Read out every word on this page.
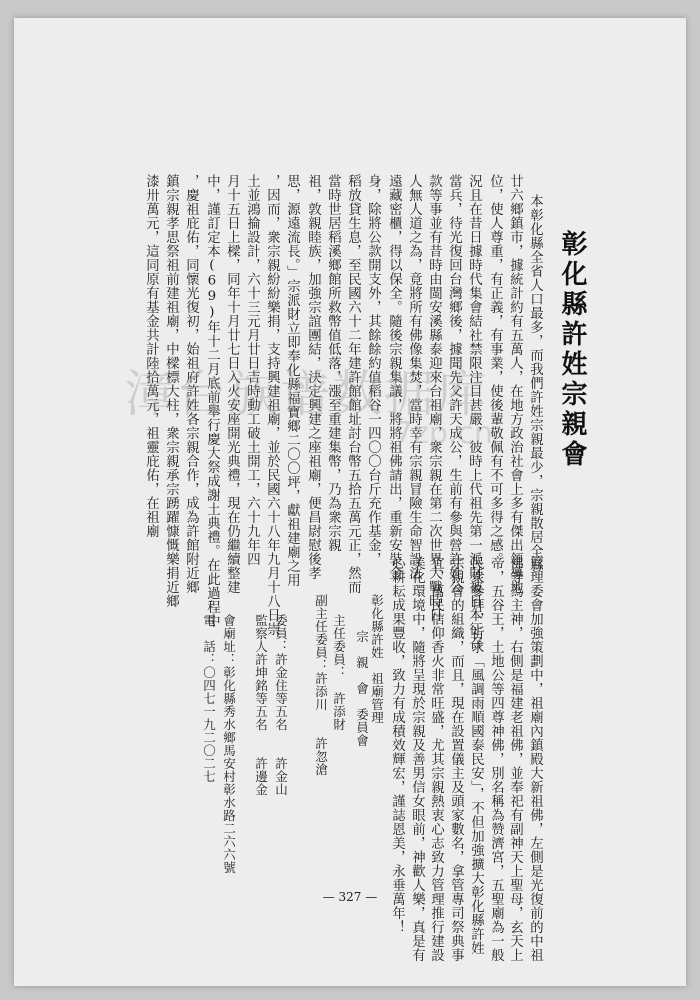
彰化縣許姓宗親會
本彰化縣全省人口最多，而我們許姓宗親最少，宗親散居全縣
廿六鄉鎮市，據統計約有五萬人，在地方政治社會上多有傑出領導地
位，使人尊重，有正義，有事業，使後輩敬佩有不可多得之感。
況且在昔日據時代集會結社禁限注目甚嚴，彼時上代祖先第一派財被日本征召
當兵，待光復回台灣鄉後，據聞先父許天成公，生前有參與營許姓公
款等事並有昔時由閩安溪縣泰迎來台祖廟，衆宗親在第二次世界大戰時日
人無人道之為，竟將所有佛像集焚，當時幸有宗親冒險生命智設法
遠藏密櫃，得以保全。隨後宗親集議，將將祖佛請出，重新安裝金
身，除將公款開支外，其餘餘約值稻谷一四〇〇台斤充作基金，
稻放貸生息，至民國六十二年建許館館址討台幣五拾五萬元正，然而
當時世居稻溪鄉館所救幣值低落，漲至重建集幣，乃為衆宗親
祖，敦親睦族，加強宗誼團結，決定興建之座祖廟，便昌尉慰後孝
思，源遠流長。」宗派財立即奉化縣福寶鄉二〇〇坪，獻祖建廟之用
，因而，衆宗親紛紛樂捐，支持興建祖廟，並於民國六十八年九月十八日崇
土並鴻掄設計，六十三元月廿日吉時動工破土開工，六十九年四
月十五日上樑，同年十月廿七日入火安座開光典禮，現在仍繼續整建
中，謹訂定本(69)年十二月底前舉行慶大祭成謝土典禮。在此過程中
，慶祖庇佑，同懷光復初，始祖府許姓各宗親合作，成為許館附近鄉
鎮宗親孝思祭祖前建祖廟，中樑標大柱，衆宗親承宗踴躍慷慨樂捐近鄉
漆卅萬元，這同原有基金共計陸拾萬元，祖靈庇佑，在祖廟
管理委會加強策劃中，祖廟內鎮殿大新祖佛，左側是光復前的中祖
佛等為主神，右側是福建老祖佛，並奉祀有副神天上聖母，玄天上
帝，五谷王，土地公等四尊神佛，別名稱為赞濟宮，五聖廟為一般
民衆參拜，祈求「風調雨順國泰民安」，不但加強擴大彰化縣許姓
宗親會的組織，而且，現在設置儀主及頭家數名，拿管專司祭典事
宜，萬民信仰香火非常旺盛，尤其宗親熱衷心志致力管理推行建設
美化環境中，隨將呈現於宗親及善男信女眼前，神歡人樂，真是有
心耕耘成果豐收，致力有成積效輝宏，謹誌恩美，永垂萬年！
彰化縣許姓　祖廟管理
宗　親　會　委員會
主任委員：　許添財
副主任委員：許添川　　許忽滄
委員：許金住等五名　　許金山
監察人許坤銘等五名　　許邊金
會廟址：彰化縣秀水鄉馬安村彰水路二六六號
電　話：〇四七一九二〇二七
漳台族谱数据库
7zp.cn
— 327 —
